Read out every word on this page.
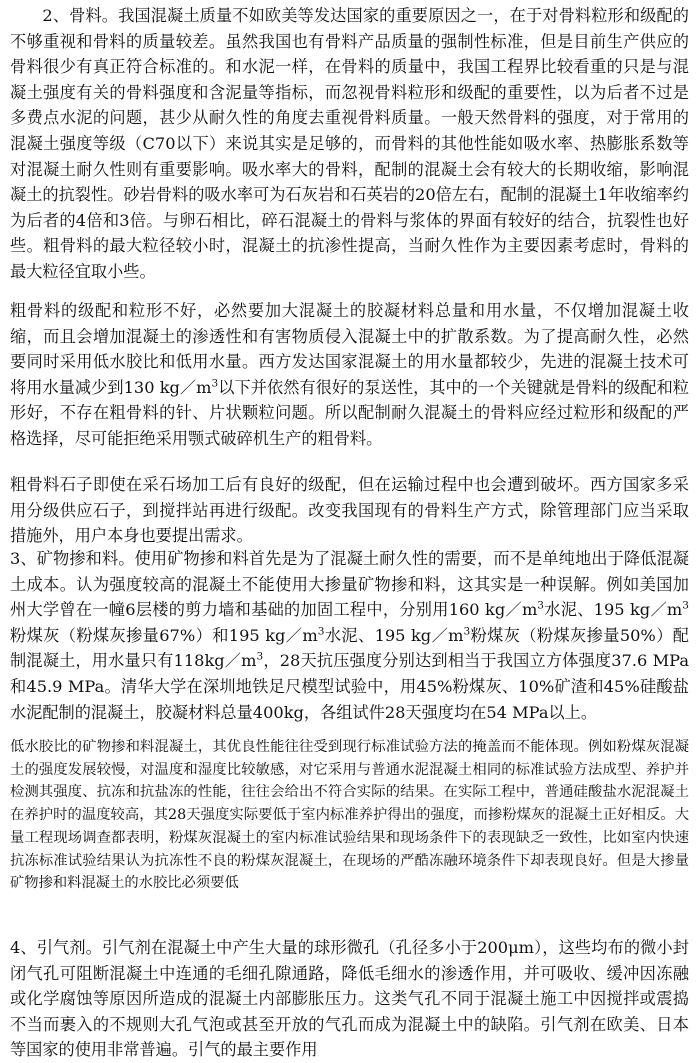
2、骨料。我国混凝土质量不如欧美等发达国家的重要原因之一，在于对骨料粒形和级配的不够重视和骨料的质量较差。虽然我国也有骨料产品质量的强制性标准，但是目前生产供应的骨料很少有真正符合标准的。和水泥一样，在骨料的质量中，我国工程界比较看重的只是与混凝土强度有关的骨料强度和含泥量等指标，而忽视骨料粒形和级配的重要性，以为后者不过是多费点水泥的问题，甚少从耐久性的角度去重视骨料质量。一般天然骨料的强度，对于常用的混凝土强度等级（C70以下）来说其实是足够的，而骨料的其他性能如吸水率、热膨胀系数等对混凝土耐久性则有重要影响。吸水率大的骨料，配制的混凝土会有较大的长期收缩，影响混凝土的抗裂性。砂岩骨料的吸水率可为石灰岩和石英岩的20倍左右，配制的混凝土1年收缩率约为后者的4倍和3倍。与卵石相比，碎石混凝土的骨料与浆体的界面有较好的结合，抗裂性也好些。粗骨料的最大粒径较小时，混凝土的抗渗性提高，当耐久性作为主要因素考虑时，骨料的最大粒径宜取小些。

粗骨料的级配和粒形不好，必然要加大混凝土的胶凝材料总量和用水量，不仅增加混凝土收缩，而且会增加混凝土的渗透性和有害物质侵入混凝土中的扩散系数。为了提高耐久性，必然要同时采用低水胶比和低用水量。西方发达国家混凝土的用水量都较少，先进的混凝土技术可将用水量减少到130 $kg/m^3$以下并依然有很好的泵送性，其中的一个关键就是骨料的级配和粒形好，不存在粗骨料的针、片状颗粒问题。所以配制耐久混凝土的骨料应经过粒形和级配的严格选择，尽可能拒绝采用颚式破碎机生产的粗骨料。

粗骨料石子即使在采石场加工后有良好的级配，但在运输过程中也会遭到破坏。西方国家多采用分级供应石子，到搅拌站再进行级配。改变我国现有的骨料生产方式，除管理部门应当采取措施外，用户本身也要提出需求。

3、矿物掺和料。使用矿物掺和料首先是为了混凝土耐久性的需要，而不是单纯地出于降低混凝土成本。认为强度较高的混凝土不能使用大掺量矿物掺和料，这其实是一种误解。例如美国加州大学曾在一幢6层楼的剪力墙和基础的加固工程中，分别用160 $kg/m^3$水泥、195 $kg/m^3$粉煤灰（粉煤灰掺量67%）和195 $kg/m^3$水泥、195 $kg/m^3$粉煤灰（粉煤灰掺量50%）配制混凝土，用水量只有$118kg/m^3$，28天抗压强度分别达到相当于我国立方体强度37.6 MPa和45.9 MPa。清华大学在深圳地铁足尺模型试验中，用45%粉煤灰、10%矿渣和45%硅酸盐水泥配制的混凝土，胶凝材料总量400kg，各组试件28天强度均在54 MPa以上。

低水胶比的矿物掺和料混凝土，其优良性能往往受到现行标准试验方法的掩盖而不能体现。例如粉煤灰混凝土的强度发展较慢，对温度和湿度比较敏感，对它采用与普通水泥混凝土相同的标准试验方法成型、养护并检测其强度、抗冻和抗盐冻的性能，往往会给出不符合实际的结果。在实际工程中，普通硅酸盐水泥混凝土在养护时的温度较高，其28天强度实际要低于室内标准养护得出的强度，而掺粉煤灰的混凝土正好相反。大量工程现场调查都表明，粉煤灰混凝土的室内标准试验结果和现场条件下的表现缺乏一致性，比如室内快速抗冻标准试验结果认为抗冻性不良的粉煤灰混凝土，在现场的严酷冻融环境条件下却表现良好。但是大掺量矿物掺和料混凝土的水胶比必须要低

4、引气剂。引气剂在混凝土中产生大量的球形微孔（孔径多小于200μm），这些均布的微小封闭气孔可阻断混凝土中连通的毛细孔隙通路，降低毛细水的渗透作用，并可吸收、缓冲因冻融或化学腐蚀等原因所造成的混凝土内部膨胀压力。这类气孔不同于混凝土施工中因搅拌或震捣不当而裹入的不规则大孔气泡或甚至开放的气孔而成为混凝土中的缺陷。引气剂在欧美、日本等国家的使用非常普遍。引气的最主要作用
